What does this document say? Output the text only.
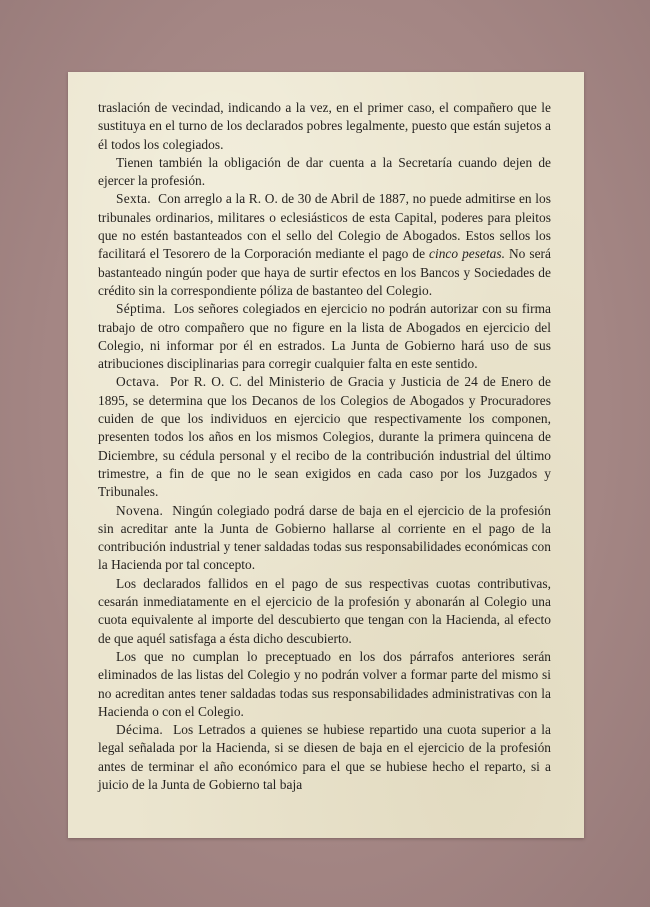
traslación de vecindad, indicando a la vez, en el primer caso, el compañero que le sustituya en el turno de los declarados pobres legalmente, puesto que están sujetos a él todos los colegiados.

Tienen también la obligación de dar cuenta a la Secretaría cuando dejen de ejercer la profesión.

Sexta. Con arreglo a la R. O. de 30 de Abril de 1887, no puede admitirse en los tribunales ordinarios, militares o eclesiásticos de esta Capital, poderes para pleitos que no estén bastanteados con el sello del Colegio de Abogados. Estos sellos los facilitará el Tesorero de la Corporación mediante el pago de cinco pesetas. No será bastanteado ningún poder que haya de surtir efectos en los Bancos y Sociedades de crédito sin la correspondiente póliza de bastanteo del Colegio.

Séptima. Los señores colegiados en ejercicio no podrán autorizar con su firma trabajo de otro compañero que no figure en la lista de Abogados en ejercicio del Colegio, ni informar por él en estrados. La Junta de Gobierno hará uso de sus atribuciones disciplinarias para corregir cualquier falta en este sentido.

Octava. Por R. O. C. del Ministerio de Gracia y Justicia de 24 de Enero de 1895, se determina que los Decanos de los Colegios de Abogados y Procuradores cuiden de que los individuos en ejercicio que respectivamente los componen, presenten todos los años en los mismos Colegios, durante la primera quincena de Diciembre, su cédula personal y el recibo de la contribución industrial del último trimestre, a fin de que no le sean exigidos en cada caso por los Juzgados y Tribunales.

Novena. Ningún colegiado podrá darse de baja en el ejercicio de la profesión sin acreditar ante la Junta de Gobierno hallarse al corriente en el pago de la contribución industrial y tener saldadas todas sus responsabilidades económicas con la Hacienda por tal concepto.

Los declarados fallidos en el pago de sus respectivas cuotas contributivas, cesarán inmediatamente en el ejercicio de la profesión y abonarán al Colegio una cuota equivalente al importe del descubierto que tengan con la Hacienda, al efecto de que aquél satisfaga a ésta dicho descubierto.

Los que no cumplan lo preceptuado en los dos párrafos anteriores serán eliminados de las listas del Colegio y no podrán volver a formar parte del mismo si no acreditan antes tener saldadas todas sus responsabilidades administrativas con la Hacienda o con el Colegio.

Décima. Los Letrados a quienes se hubiese repartido una cuota superior a la legal señalada por la Hacienda, si se diesen de baja en el ejercicio de la profesión antes de terminar el año económico para el que se hubiese hecho el reparto, si a juicio de la Junta de Gobierno tal baja
